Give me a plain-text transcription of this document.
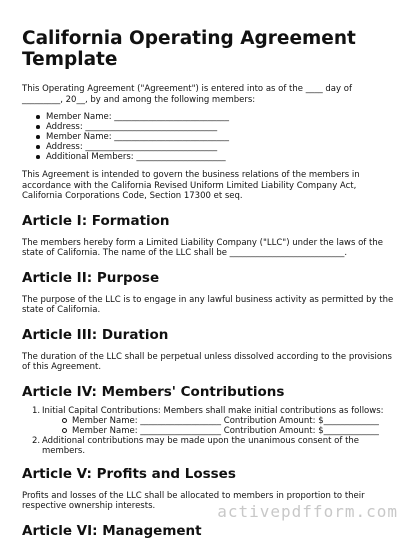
California Operating Agreement Template

This Operating Agreement ("Agreement") is entered into as of the ____ day of _________, 20__, by and among the following members:

Member Name: ___________________________
Address: _______________________________
Member Name: ___________________________
Address: _______________________________
Additional Members: _____________________

This Agreement is intended to govern the business relations of the members in accordance with the California Revised Uniform Limited Liability Company Act, California Corporations Code, Section 17300 et seq.

Article I: Formation

The members hereby form a Limited Liability Company ("LLC") under the laws of the state of California. The name of the LLC shall be ___________________________.

Article II: Purpose

The purpose of the LLC is to engage in any lawful business activity as permitted by the state of California.

Article III: Duration

The duration of the LLC shall be perpetual unless dissolved according to the provisions of this Agreement.

Article IV: Members' Contributions
1. Initial Capital Contributions: Members shall make initial contributions as follows:
Member Name: ___________________ Contribution Amount: $_____________
Member Name: ___________________ Contribution Amount: $_____________
2. Additional contributions may be made upon the unanimous consent of the members.
Article V: Profits and Losses

Profits and losses of the LLC shall be allocated to members in proportion to their respective ownership interests.

Article VI: Management
activepdfform.com
